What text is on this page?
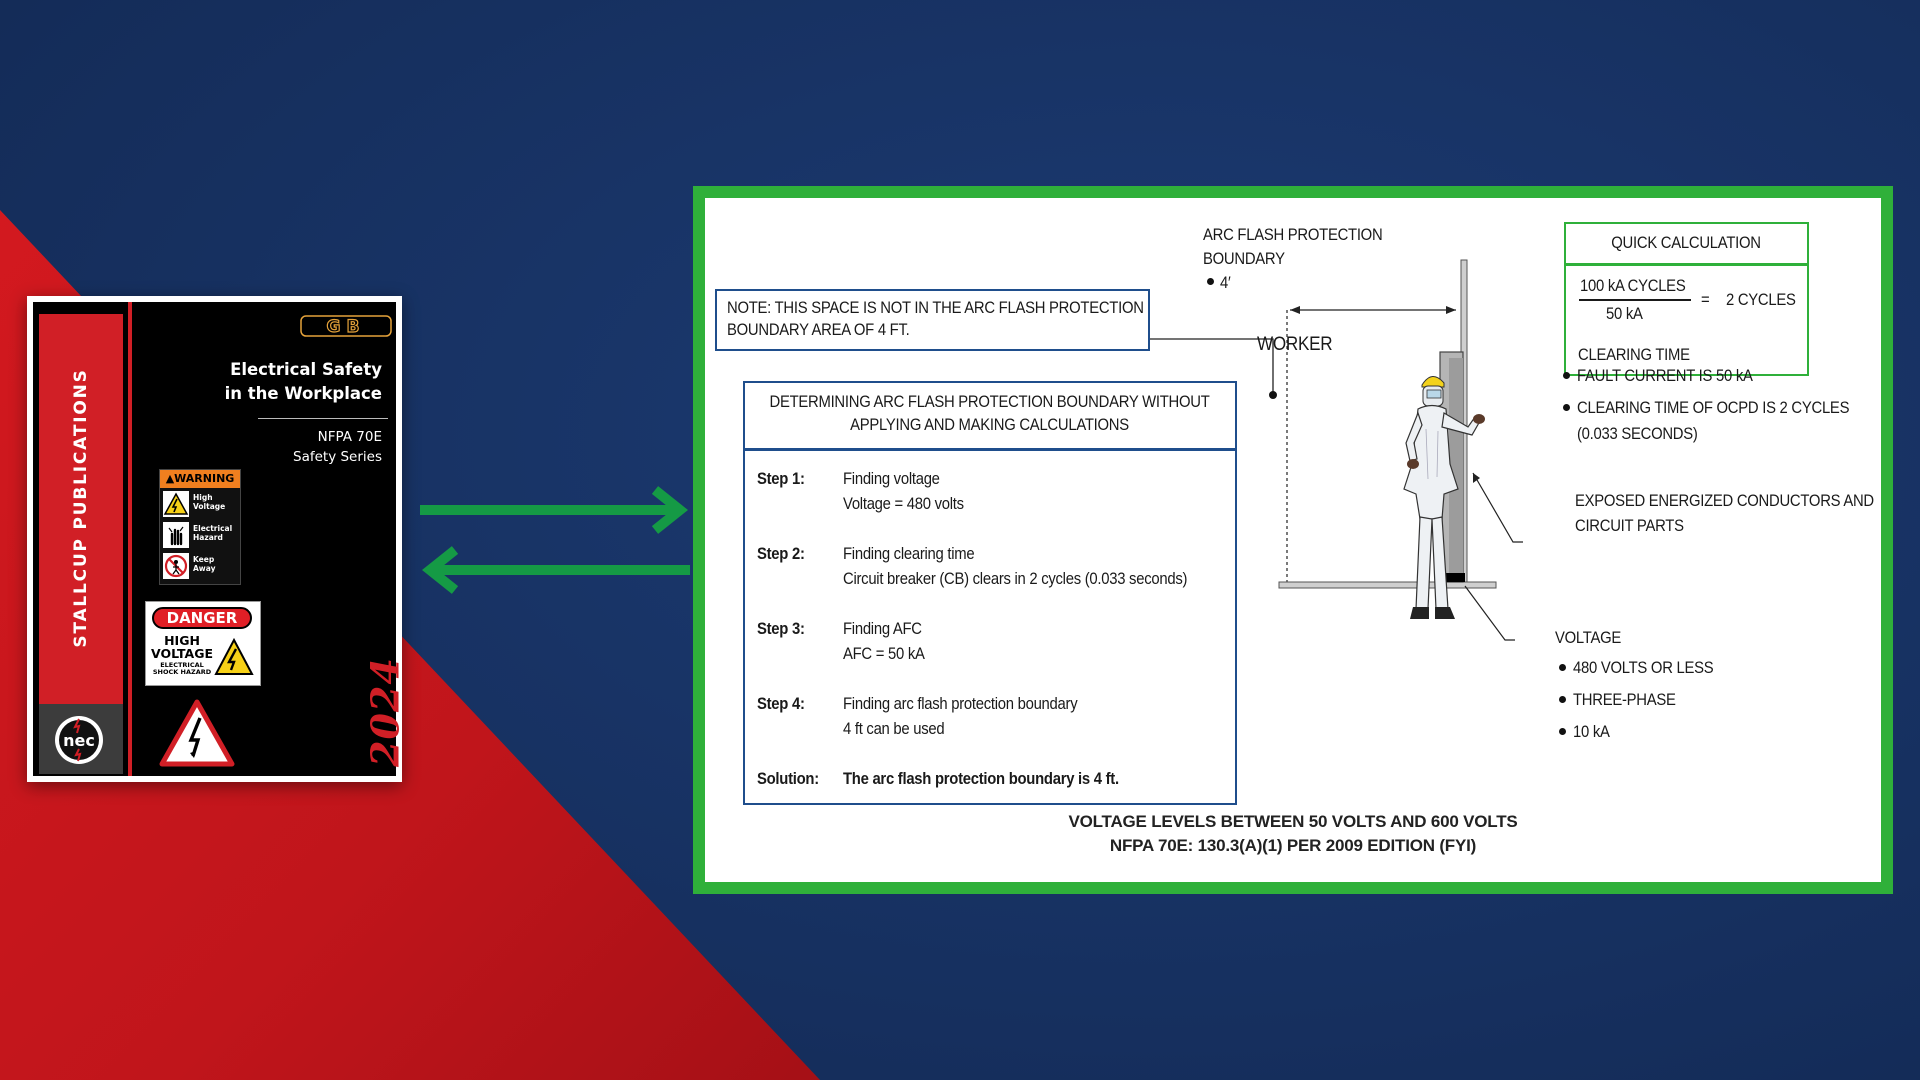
STALLCUP PUBLICATIONS
nec
GB
Electrical Safety
in the Workplace
NFPA 70E
Safety Series
▲WARNING
High Voltage
Electrical Hazard
Keep Away
DANGER
HIGH
VOLTAGE
ELECTRICAL
SHOCK HAZARD	2024
NOTE: THIS SPACE IS NOT IN THE ARC FLASH PROTECTION
BOUNDARY AREA OF 4 FT.
DETERMINING ARC FLASH PROTECTION BOUNDARY WITHOUT
APPLYING AND MAKING CALCULATIONS
Step 1: Finding voltage
Voltage = 480 volts
Step 2: Finding clearing time
Circuit breaker (CB) clears in 2 cycles (0.033 seconds)
Step 3: Finding AFC
AFC = 50 kA
Step 4: Finding arc flash protection boundary
4 ft can be used
Solution: The arc flash protection boundary is 4 ft.
ARC FLASH PROTECTION
BOUNDARY
4′
WORKER
QUICK CALCULATION
100 kA CYCLES
50 kA
= 2 CYCLES
CLEARING TIME
FAULT CURRENT IS 50 kA
CLEARING TIME OF OCPD IS 2 CYCLES
(0.033 SECONDS)
EXPOSED ENERGIZED CONDUCTORS AND
CIRCUIT PARTS
VOLTAGE
480 VOLTS OR LESS
THREE-PHASE
10 kA
VOLTAGE LEVELS BETWEEN 50 VOLTS AND 600 VOLTS
NFPA 70E: 130.3(A)(1) PER 2009 EDITION (FYI)
